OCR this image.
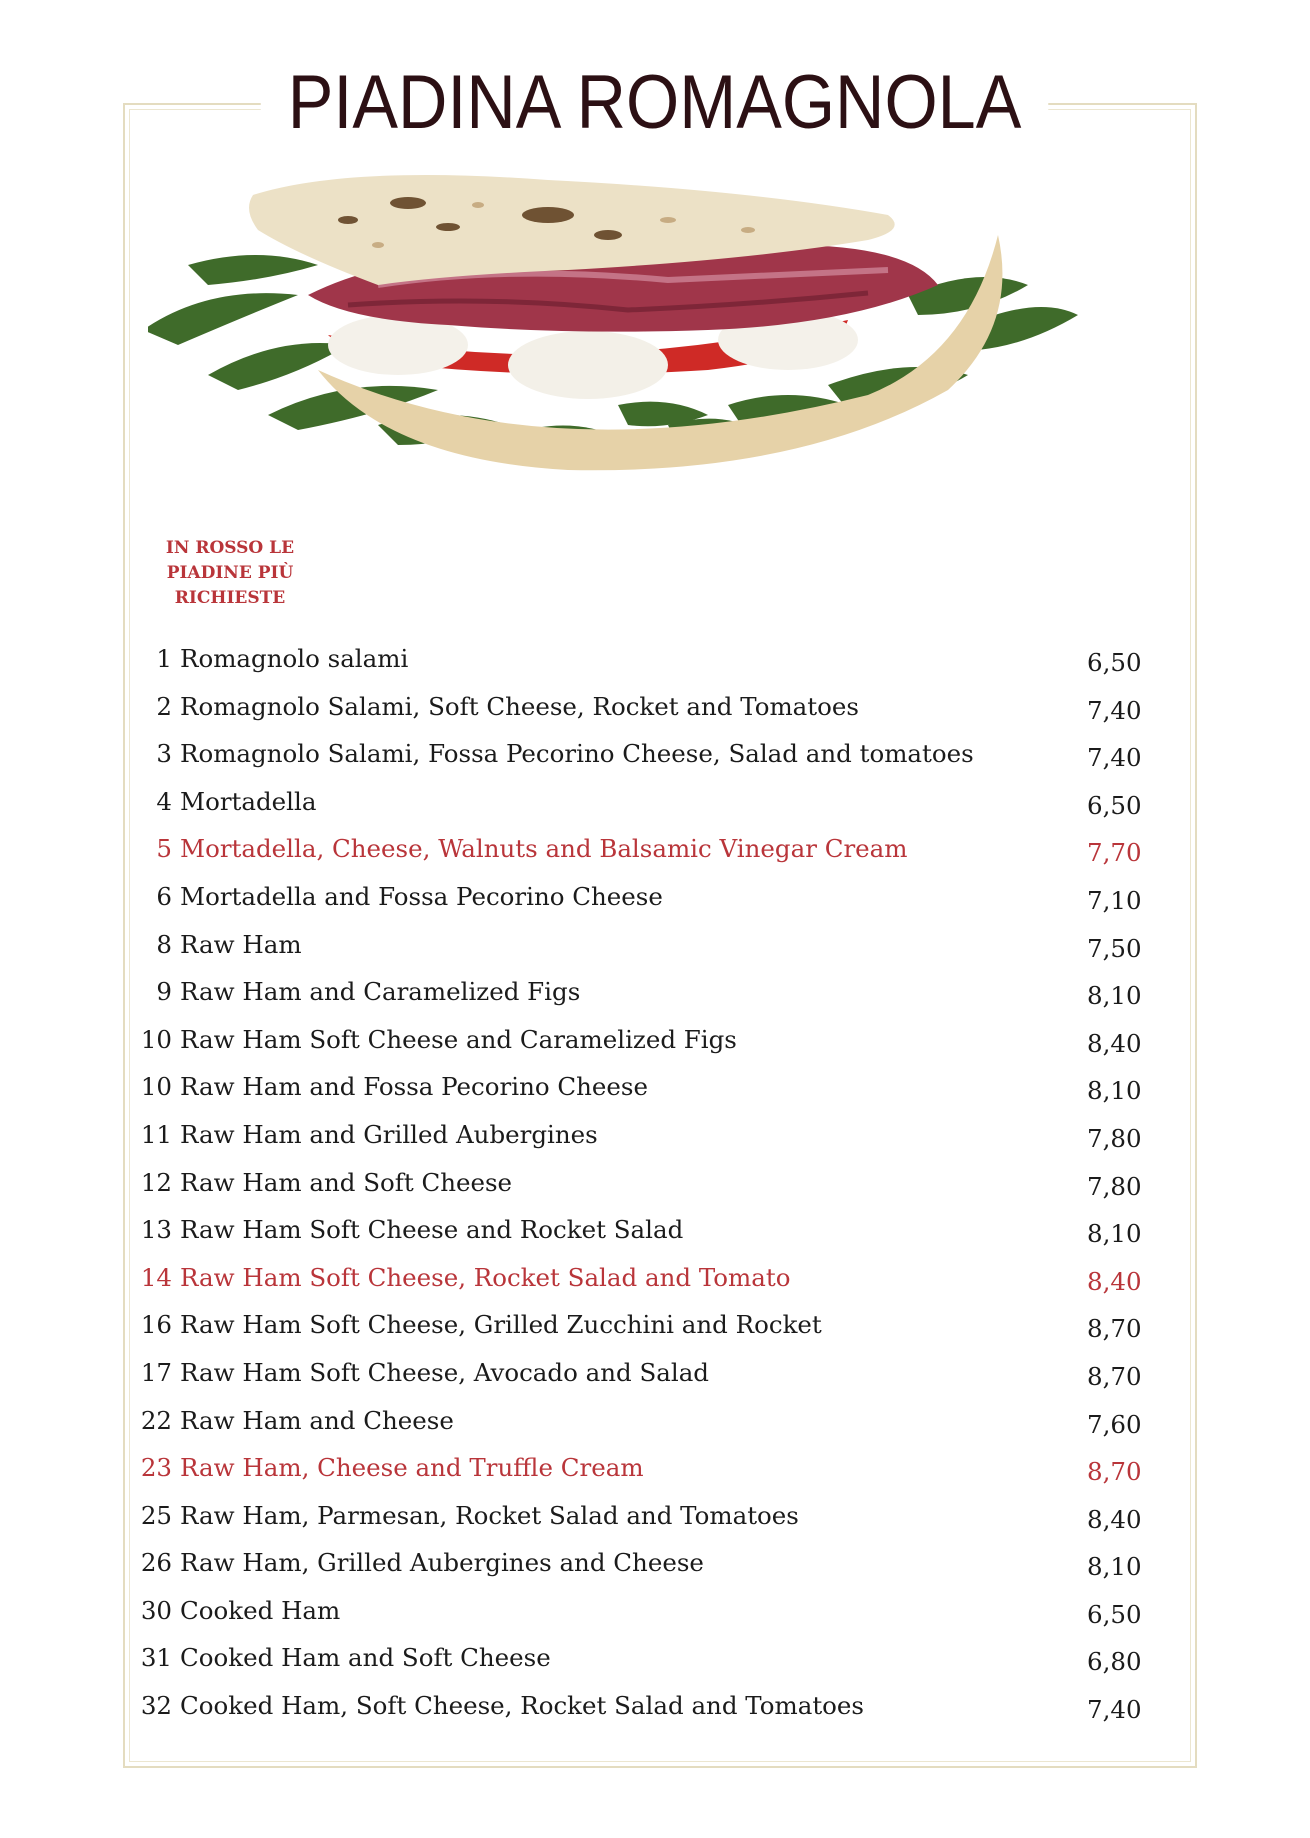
PIADINA ROMAGNOLA
IN ROSSO LE
PIADINE PIÙ
RICHIESTE
1 Romagnolo salami	6,50
2 Romagnolo Salami, Soft Cheese, Rocket and Tomatoes	7,40
3 Romagnolo Salami, Fossa Pecorino Cheese, Salad and tomatoes	7,40
4 Mortadella	6,50
5 Mortadella, Cheese, Walnuts and Balsamic Vinegar Cream	7,70
6 Mortadella and Fossa Pecorino Cheese	7,10
8 Raw Ham	7,50
9 Raw Ham and Caramelized Figs	8,10
10 Raw Ham Soft Cheese and Caramelized Figs	8,40
10 Raw Ham and Fossa Pecorino Cheese	8,10
11 Raw Ham and Grilled Aubergines	7,80
12 Raw Ham and Soft Cheese	7,80
13 Raw Ham Soft Cheese and Rocket Salad	8,10
14 Raw Ham Soft Cheese, Rocket Salad and Tomato	8,40
16 Raw Ham Soft Cheese, Grilled Zucchini and Rocket	8,70
17 Raw Ham Soft Cheese, Avocado and Salad	8,70
22 Raw Ham and Cheese	7,60
23 Raw Ham, Cheese and Truffle Cream	8,70
25 Raw Ham, Parmesan, Rocket Salad and Tomatoes	8,40
26 Raw Ham, Grilled Aubergines and Cheese	8,10
30 Cooked Ham	6,50
31 Cooked Ham and Soft Cheese	6,80
32 Cooked Ham, Soft Cheese, Rocket Salad and Tomatoes	7,40
